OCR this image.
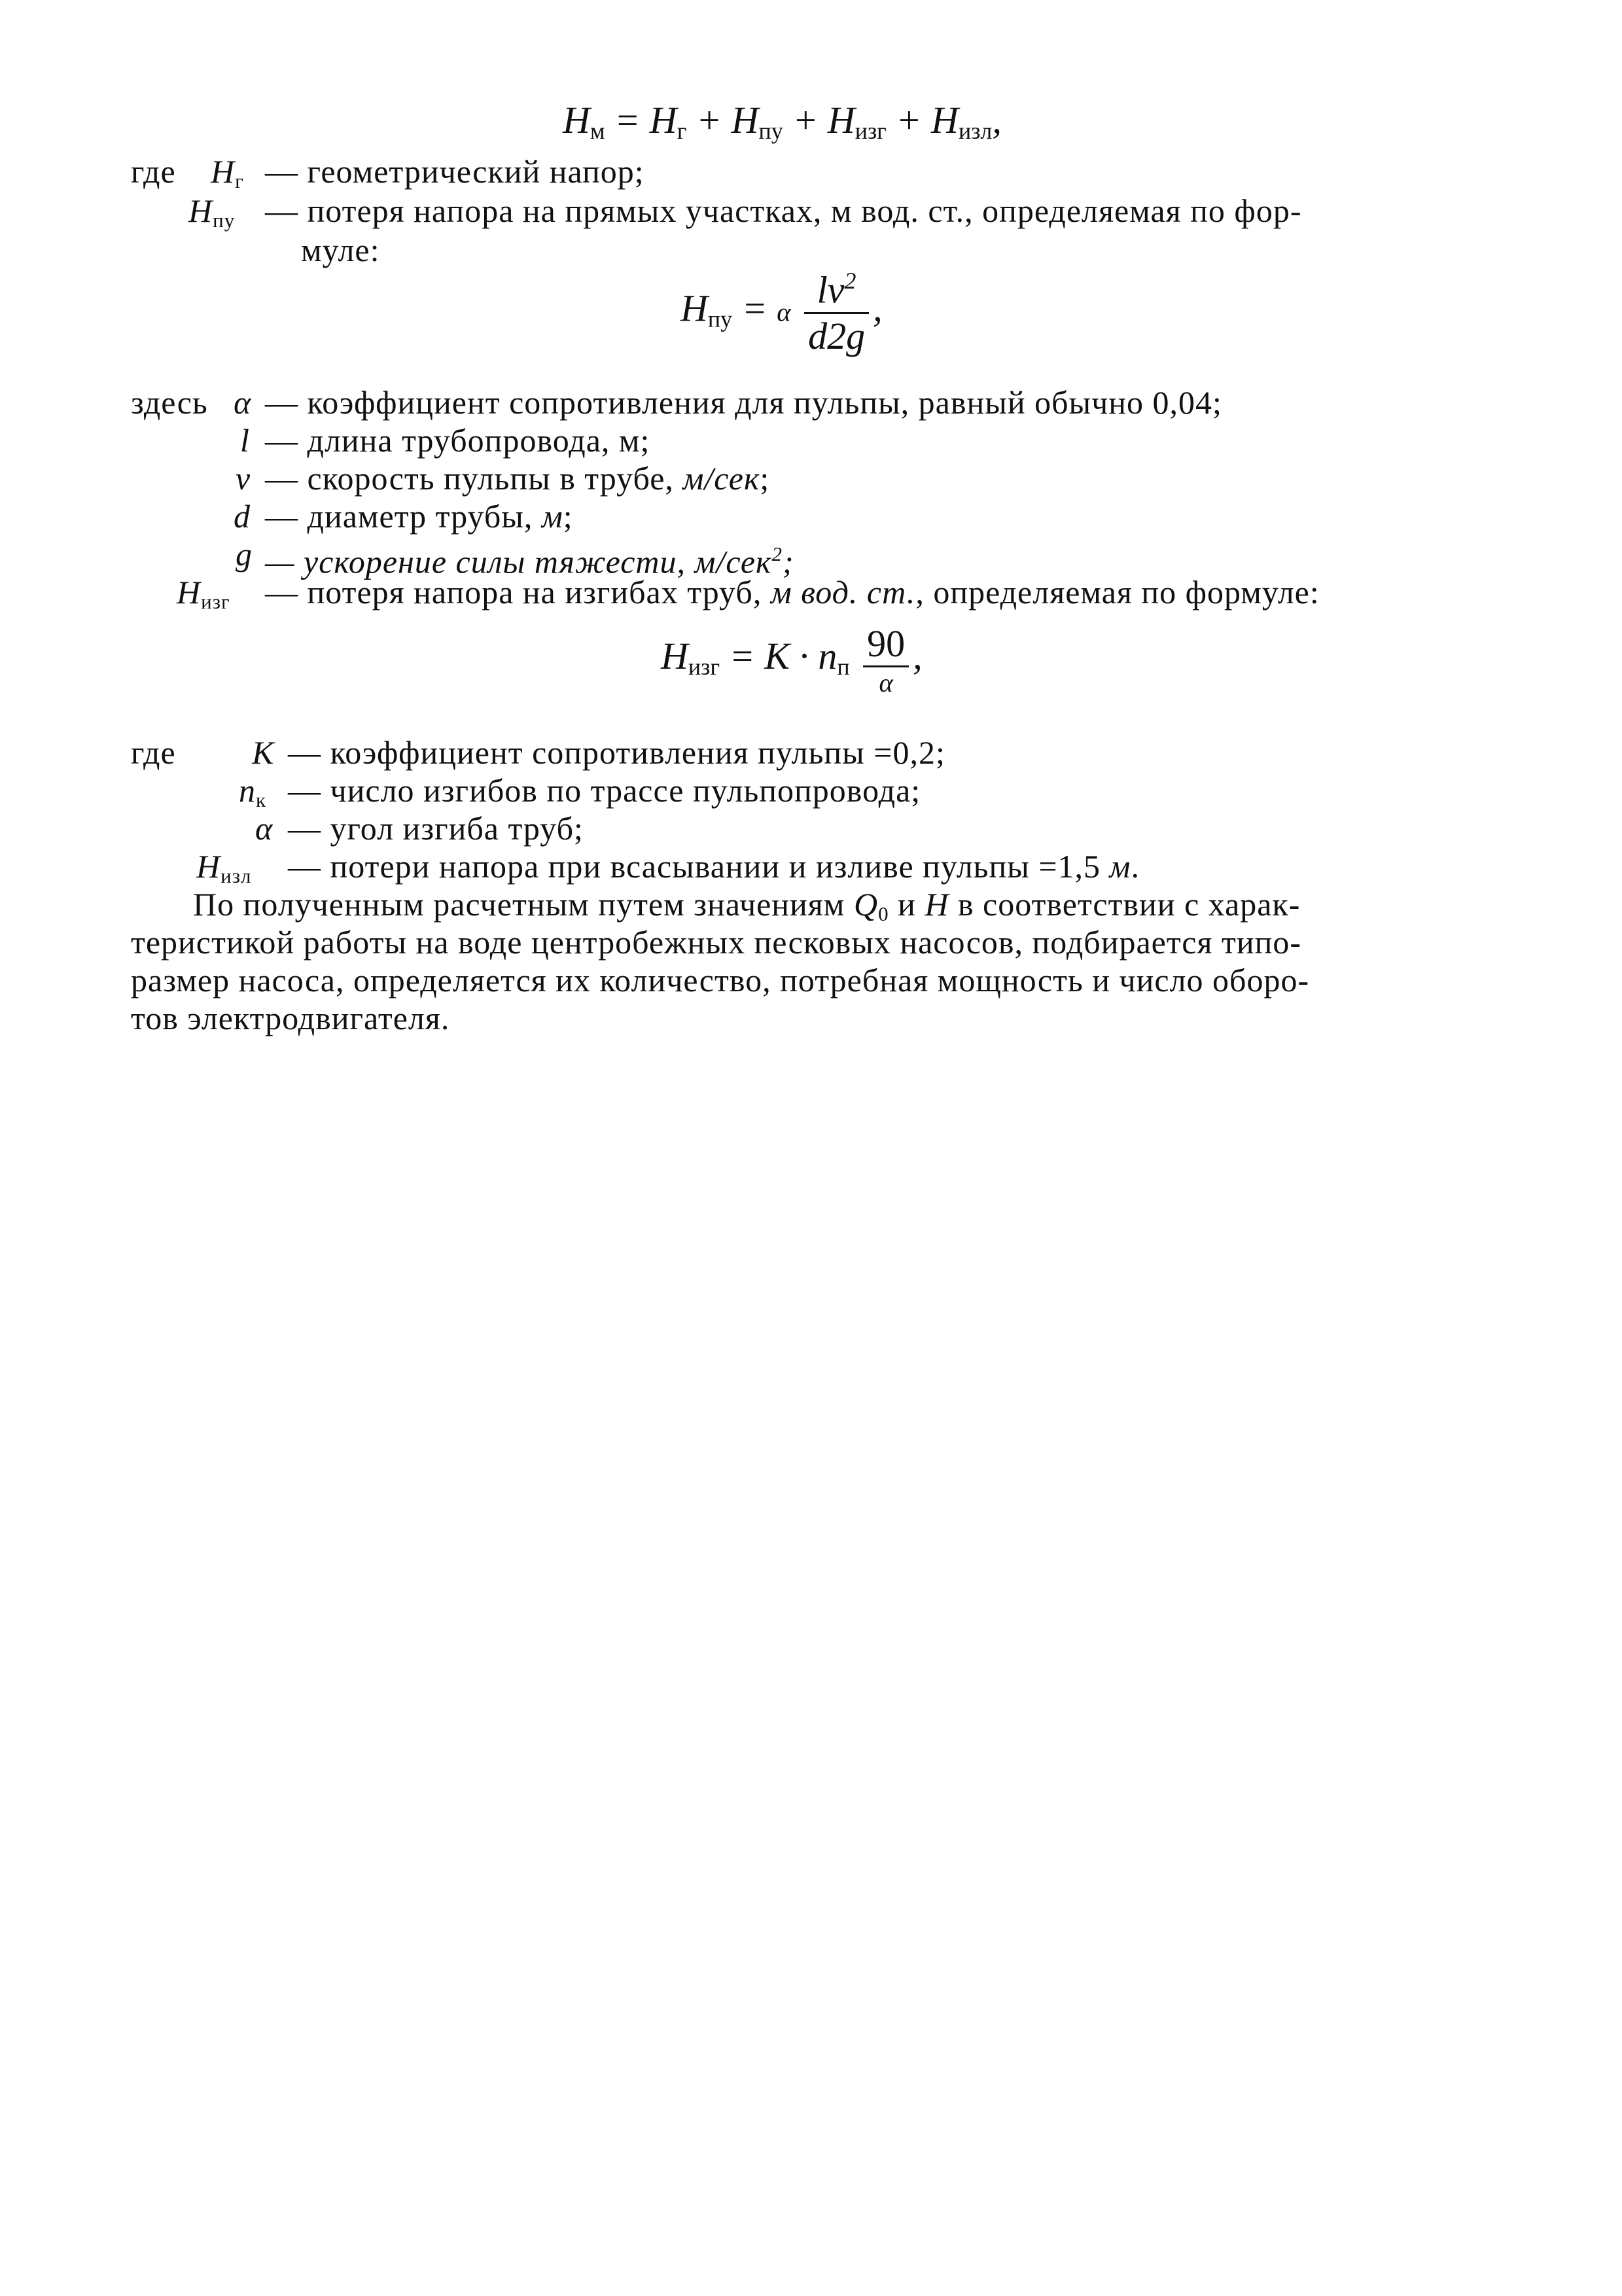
$H_м = H_г + H_{пу} + H_{изг} + H_{изл}$,
где $H_г$ — геометрический напор;
$H_{пу}$ — потеря напора на прямых участках, м вод. ст., определяемая по фор-
муле:
$H_{пу} = \alpha \frac{lv^2}{d2g}$ ,
здесь α — коэффициент сопротивления для пульпы, равный обычно 0,04;
l — длина трубопровода, м;
v — скорость пульпы в трубе, м/сек;
d — диаметр трубы, м;
g — ускорение силы тяжести, м/сек$^2$;
$H_{изг}$ — потеря напора на изгибах труб, м вод. ст., определяемая по формуле:
$H_{изг} = K \cdot n_п \frac{90}{\alpha}$ ,
где K — коэффициент сопротивления пульпы =0,2;
$n_к$ — число изгибов по трассе пульпопровода;
α — угол изгиба труб;
$H_{изл}$ — потери напора при всасывании и изливе пульпы =1,5 м.
По полученным расчетным путем значениям $Q_0$ и H в соответствии с харак-
теристикой работы на воде центробежных песковых насосов, подбирается типо-
размер насоса, определяется их количество, потребная мощность и число оборо-
тов электродвигателя.
